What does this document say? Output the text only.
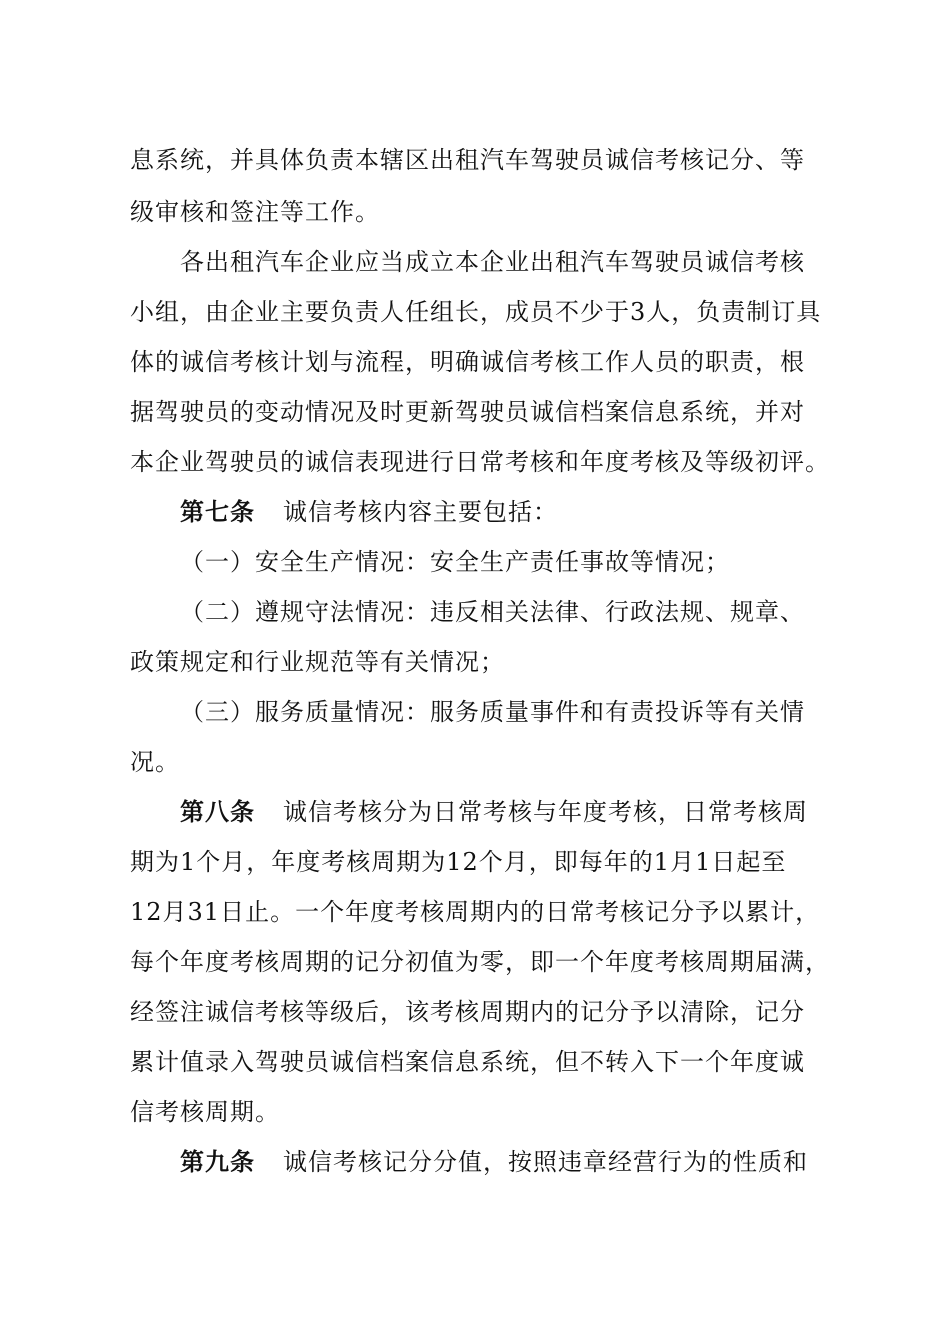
息系统，并具体负责本辖区出租汽车驾驶员诚信考核记分、等
级审核和签注等工作。
各出租汽车企业应当成立本企业出租汽车驾驶员诚信考核
小组，由企业主要负责人任组长，成员不少于3人，负责制订具
体的诚信考核计划与流程，明确诚信考核工作人员的职责，根
据驾驶员的变动情况及时更新驾驶员诚信档案信息系统，并对
本企业驾驶员的诚信表现进行日常考核和年度考核及等级初评。
第七条 诚信考核内容主要包括：
（一）安全生产情况：安全生产责任事故等情况；
（二）遵规守法情况：违反相关法律、行政法规、规章、
政策规定和行业规范等有关情况；
（三）服务质量情况：服务质量事件和有责投诉等有关情
况。
第八条 诚信考核分为日常考核与年度考核，日常考核周
期为1个月，年度考核周期为12个月，即每年的1月1日起至
12月31日止。一个年度考核周期内的日常考核记分予以累计，
每个年度考核周期的记分初值为零，即一个年度考核周期届满，
经签注诚信考核等级后，该考核周期内的记分予以清除，记分
累计值录入驾驶员诚信档案信息系统，但不转入下一个年度诚
信考核周期。
第九条 诚信考核记分分值，按照违章经营行为的性质和
